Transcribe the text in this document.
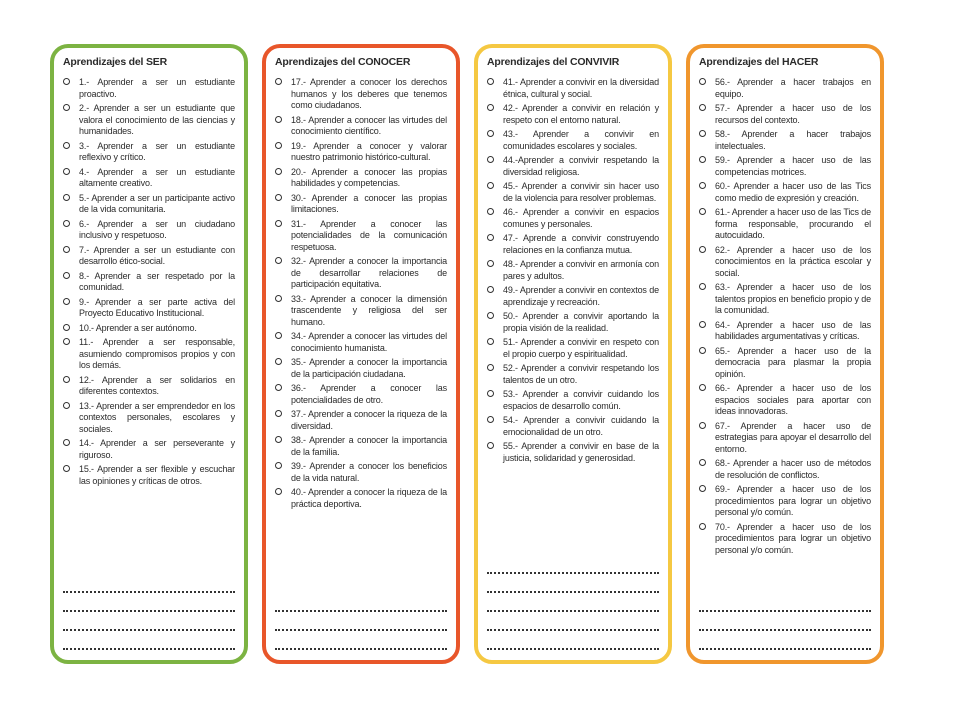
Aprendizajes del SER
1.- Aprender a ser un estudiante proactivo.
2.- Aprender a ser un estudiante que valora el conocimiento de las ciencias y humanidades.
3.- Aprender a ser un estudiante reflexivo y crítico.
4.- Aprender a ser un estudiante altamente creativo.
5.- Aprender a ser un participante activo de la vida comunitaria.
6.- Aprender a ser un ciudadano inclusivo y respetuoso.
7.- Aprender a ser un estudiante con desarrollo ético-social.
8.- Aprender a ser respetado por la comunidad.
9.- Aprender a ser parte activa del Proyecto Educativo Institucional.
10.- Aprender a ser autónomo.
11.- Aprender a ser responsable, asumiendo compromisos propios y con los demás.
12.- Aprender a ser solidarios en diferentes contextos.
13.- Aprender a ser emprendedor en los contextos personales, escolares y sociales.
14.- Aprender a ser perseverante y riguroso.
15.- Aprender a ser flexible y escuchar las opiniones y críticas de otros.
Aprendizajes del CONOCER
17.- Aprender a conocer los derechos humanos y los deberes que tenemos como ciudadanos.
18.- Aprender a conocer las virtudes del conocimiento científico.
19.- Aprender a conocer y valorar nuestro patrimonio histórico-cultural.
20.- Aprender a conocer las propias habilidades y competencias.
30.- Aprender a conocer las propias limitaciones.
31.- Aprender a conocer las potencialidades de la comunicación respetuosa.
32.- Aprender a conocer la importancia de desarrollar relaciones de participación equitativa.
33.- Aprender a conocer la dimensión trascendente y religiosa del ser humano.
34.- Aprender a conocer las virtudes del conocimiento humanista.
35.- Aprender a conocer la importancia de la participación ciudadana.
36.- Aprender a conocer las potencialidades de otro.
37.- Aprender a conocer la riqueza de la diversidad.
38.- Aprender a conocer la importancia de la familia.
39.- Aprender a conocer los beneficios de la vida natural.
40.- Aprender a conocer la riqueza de la práctica deportiva.
Aprendizajes del CONVIVIR
41.- Aprender a convivir en la diversidad étnica, cultural y social.
42.- Aprender a convivir en relación y respeto con el entorno natural.
43.- Aprender a convivir en comunidades escolares y sociales.
44.-Aprender a convivir respetando la diversidad religiosa.
45.- Aprender a convivir sin hacer uso de la violencia para resolver problemas.
46.- Aprender a convivir en espacios comunes y personales.
47.- Aprende a convivir construyendo relaciones en la confianza mutua.
48.- Aprender a convivir en armonía con pares y adultos.
49.- Aprender a convivir en contextos de aprendizaje y recreación.
50.- Aprender a convivir aportando la propia visión de la realidad.
51.- Aprender a convivir en respeto con el propio cuerpo y espiritualidad.
52.- Aprender a convivir respetando los talentos de un otro.
53.- Aprender a convivir cuidando los espacios de desarrollo común.
54.- Aprender a convivir cuidando la emocionalidad de un otro.
55.- Aprender a convivir en base de la justicia, solidaridad y generosidad.
Aprendizajes del HACER
56.- Aprender a hacer trabajos en equipo.
57.- Aprender a hacer uso de los recursos del contexto.
58.- Aprender a hacer trabajos intelectuales.
59.- Aprender a hacer uso de las competencias motrices.
60.- Aprender a hacer uso de las Tics como medio de expresión y creación.
61.- Aprender a hacer uso de las Tics de forma responsable, procurando el autocuidado.
62.- Aprender a hacer uso de los conocimientos en la práctica escolar y social.
63.- Aprender a hacer uso de los talentos propios en beneficio propio y de la comunidad.
64.- Aprender a hacer uso de las habilidades argumentativas y críticas.
65.- Aprender a hacer uso de la democracia para plasmar la propia opinión.
66.- Aprender a hacer uso de los espacios sociales para aportar con ideas innovadoras.
67.- Aprender a hacer uso de estrategias para apoyar el desarrollo del entorno.
68.- Aprender a hacer uso de métodos de resolución de conflictos.
69.- Aprender a hacer uso de los procedimientos para lograr un objetivo personal y/o común.
70.- Aprender a hacer uso de los procedimientos para lograr un objetivo personal y/o común.
